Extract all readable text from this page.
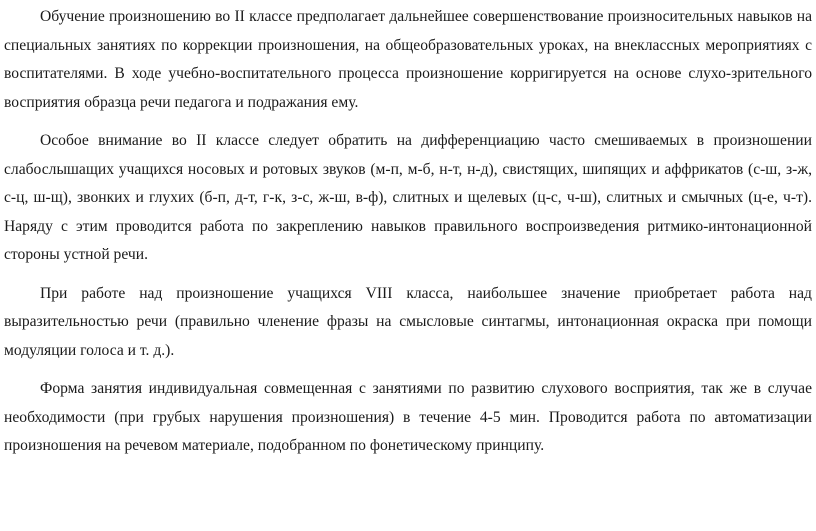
Обучение произношению во II классе предполагает дальнейшее совершенствование произносительных навыков на специальных занятиях по коррекции произношения, на общеобразовательных уроках, на внеклассных мероприятиях с воспитателями. В ходе учебно-воспитательного процесса произношение корригируется на основе слухо-зрительного восприятия образца речи педагога и подражания ему.

Особое внимание во II классе следует обратить на дифференциацию часто смешиваемых в произношении слабослышащих учащихся носовых и ротовых звуков (м-п, м-б, н-т, н-д), свистящих, шипящих и аффрикатов (с-ш, з-ж, с-ц, ш-щ), звонких и глухих (б-п, д-т, г-к, з-с, ж-ш, в-ф), слитных и щелевых (ц-с, ч-ш), слитных и смычных (ц-е, ч-т). Наряду с этим проводится работа по закреплению навыков правильного воспроизведения ритмико-интонационной стороны устной речи.

При работе над произношение учащихся VIII класса, наибольшее значение приобретает работа над выразительностью речи (правильно членение фразы на смысловые синтагмы, интонационная окраска при помощи модуляции голоса и т. д.).

Форма занятия индивидуальная совмещенная с занятиями по развитию слухового восприятия, так же в случае необходимости (при грубых нарушения произношения) в течение 4-5 мин. Проводится работа по автоматизации произношения на речевом материале, подобранном по фонетическому принципу.
